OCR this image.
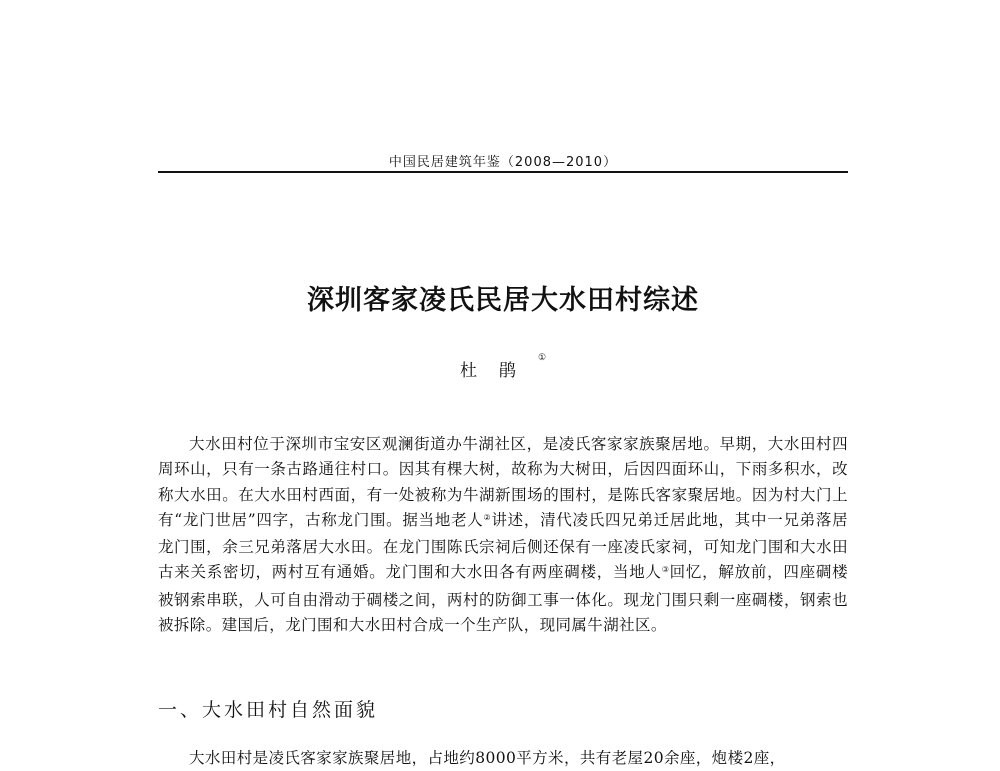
中国民居建筑年鉴（2008—2010）
深圳客家凌氏民居大水田村综述
杜鹃①

大水田村位于深圳市宝安区观澜街道办牛湖社区，是凌氏客家家族聚居地。早期，大水田村四周环山，只有一条古路通往村口。因其有棵大树，故称为大树田，后因四面环山，下雨多积水，改称大水田。在大水田村西面，有一处被称为牛湖新围场的围村，是陈氏客家聚居地。因为村大门上有“龙门世居”四字，古称龙门围。据当地老人②讲述，清代凌氏四兄弟迁居此地，其中一兄弟落居龙门围，余三兄弟落居大水田。在龙门围陈氏宗祠后侧还保有一座凌氏家祠，可知龙门围和大水田古来关系密切，两村互有通婚。龙门围和大水田各有两座碉楼，当地人③回忆，解放前，四座碉楼被钢索串联，人可自由滑动于碉楼之间，两村的防御工事一体化。现龙门围只剩一座碉楼，钢索也被拆除。建国后，龙门围和大水田村合成一个生产队，现同属牛湖社区。

一、大水田村自然面貌

大水田村是凌氏客家家族聚居地，占地约8000平方米，共有老屋20余座，炮楼2座，
